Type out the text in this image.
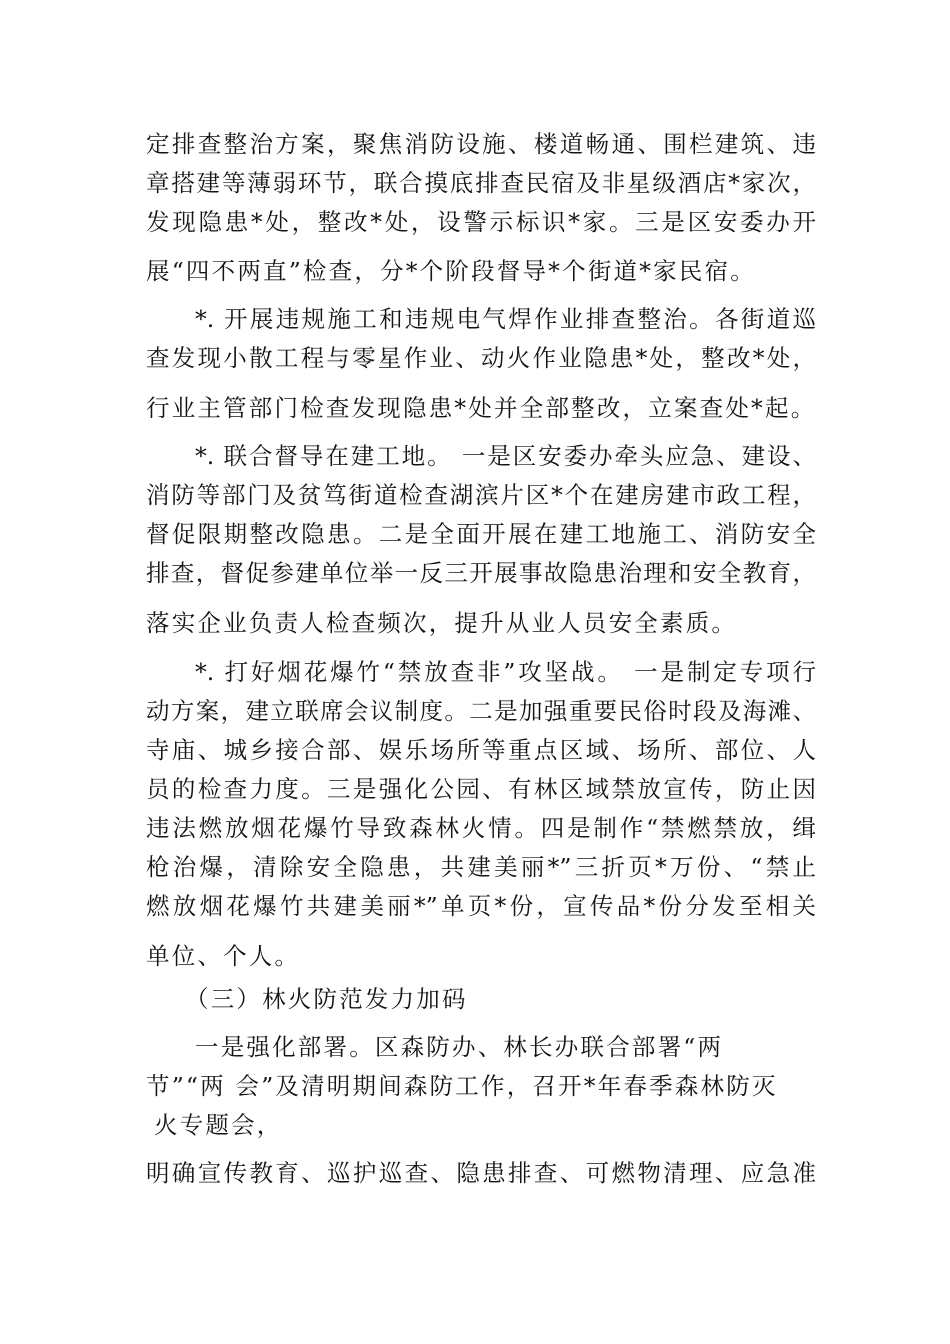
定排查整治方案，聚焦消防设施、楼道畅通、围栏建筑、违
章搭建等薄弱环节，联合摸底排查民宿及非星级酒店*家次，
发现隐患*处，整改*处，设警示标识*家。三是区安委办开
展“四不两直”检查，分*个阶段督导*个街道*家民宿。
*. 开展违规施工和违规电气焊作业排查整治。各街道巡
查发现小散工程与零星作业、动火作业隐患*处，整改*处，
行业主管部门检查发现隐患*处并全部整改，立案查处*起。
*. 联合督导在建工地。 一是区安委办牵头应急、建设、
消防等部门及贫笃街道检查湖滨片区*个在建房建市政工程，
督促限期整改隐患。二是全面开展在建工地施工、消防安全
排查，督促参建单位举一反三开展事故隐患治理和安全教育，
落实企业负责人检查频次，提升从业人员安全素质。
*. 打好烟花爆竹“禁放查非”攻坚战。 一是制定专项行
动方案，建立联席会议制度。二是加强重要民俗时段及海滩、
寺庙、城乡接合部、娱乐场所等重点区域、场所、部位、人
员的检查力度。三是强化公园、有林区域禁放宣传，防止因
违法燃放烟花爆竹导致森林火情。四是制作“禁燃禁放，缉
枪治爆，清除安全隐患，共建美丽*”三折页*万份、“禁止
燃放烟花爆竹共建美丽*”单页*份，宣传品*份分发至相关
单位、个人。
（三）林火防范发力加码
一是强化部署。区森防办、林长办联合部署“两
节”“两 会”及清明期间森防工作，召开*年春季森林防灭
火专题会，
明确宣传教育、巡护巡查、隐患排查、可燃物清理、应急准
